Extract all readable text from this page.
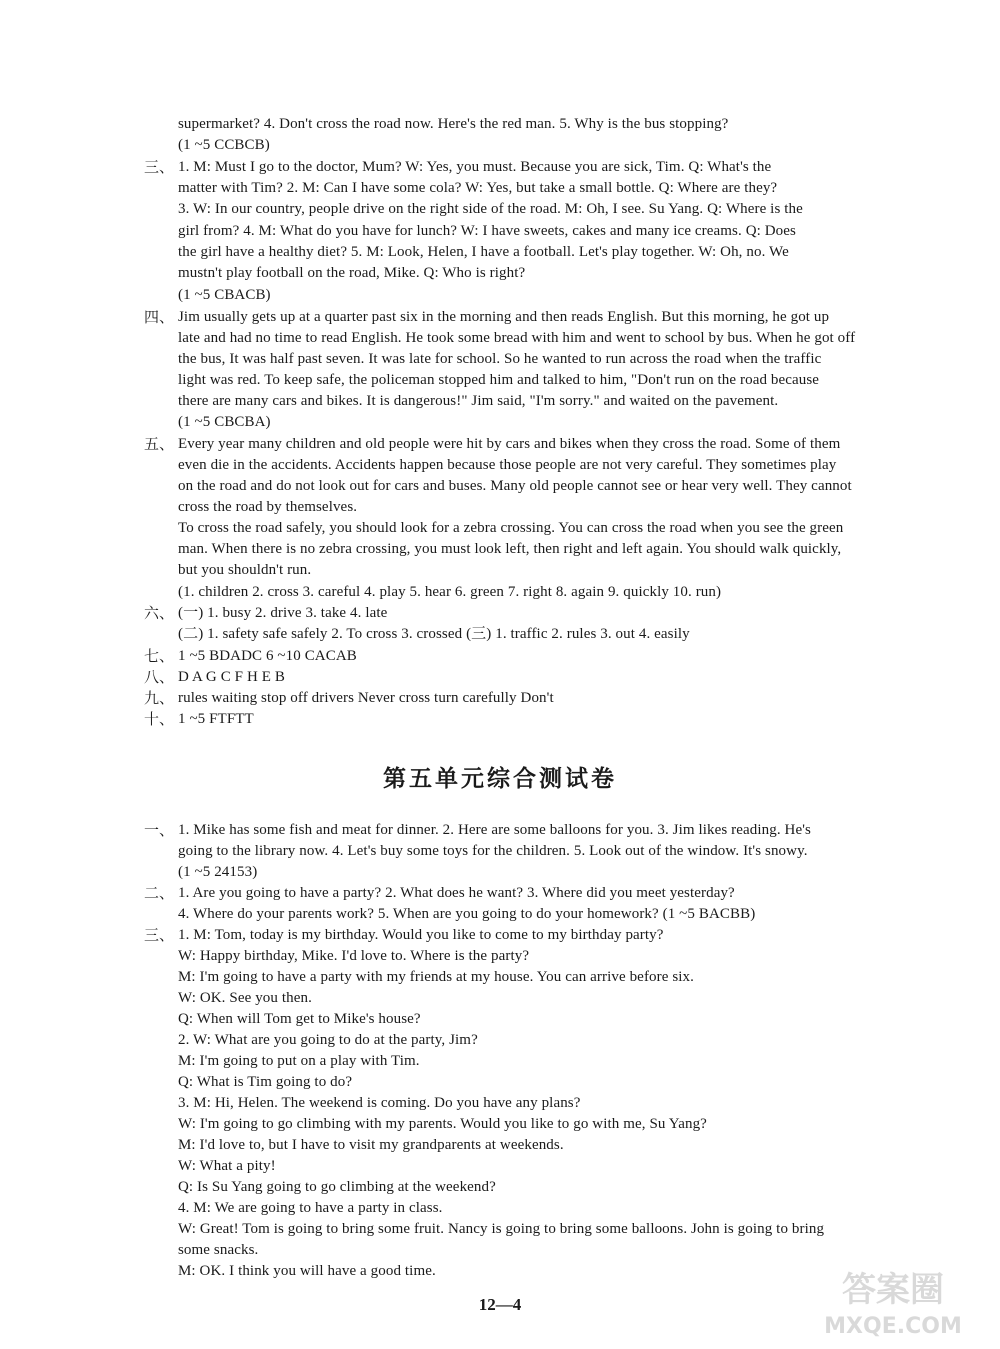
supermarket? 4. Don't cross the road now. Here's the red man. 5. Why is the bus stopping?
(1 ~5 CCBCB)
三、 1. M: Must I go to the doctor, Mum? W: Yes, you must. Because you are sick, Tim. Q: What's the
matter with Tim? 2. M: Can I have some cola? W: Yes, but take a small bottle. Q: Where are they?
3. W: In our country, people drive on the right side of the road. M: Oh, I see. Su Yang. Q: Where is the
girl from? 4. M: What do you have for lunch? W: I have sweets, cakes and many ice creams. Q: Does
the girl have a healthy diet? 5. M: Look, Helen, I have a football. Let's play together. W: Oh, no. We
mustn't play football on the road, Mike. Q: Who is right?
(1 ~5 CBACB)
四、 Jim usually gets up at a quarter past six in the morning and then reads English. But this morning, he got up
late and had no time to read English. He took some bread with him and went to school by bus. When he got off
the bus, It was half past seven. It was late for school. So he wanted to run across the road when the traffic
light was red. To keep safe, the policeman stopped him and talked to him, "Don't run on the road because
there are many cars and bikes. It is dangerous!" Jim said, "I'm sorry." and waited on the pavement.
(1 ~5 CBCBA)
五、 Every year many children and old people were hit by cars and bikes when they cross the road. Some of them
even die in the accidents. Accidents happen because those people are not very careful. They sometimes play
on the road and do not look out for cars and buses. Many old people cannot see or hear very well. They cannot
cross the road by themselves.
To cross the road safely, you should look for a zebra crossing. You can cross the road when you see the green
man. When there is no zebra crossing, you must look left, then right and left again. You should walk quickly,
but you shouldn't run.
(1. children 2. cross 3. careful 4. play 5. hear 6. green 7. right 8. again 9. quickly 10. run)
六、 (一) 1. busy 2. drive 3. take 4. late
(二) 1. safety safe safely 2. To cross 3. crossed (三) 1. traffic 2. rules 3. out 4. easily
七、 1 ~5 BDADC 6 ~10 CACAB
八、 D A G C F H E B
九、 rules waiting stop off drivers Never cross turn carefully Don't
十、 1 ~5 FTFTT
第五单元综合测试卷
一、 1. Mike has some fish and meat for dinner. 2. Here are some balloons for you. 3. Jim likes reading. He's
going to the library now. 4. Let's buy some toys for the children. 5. Look out of the window. It's snowy.
(1 ~5 24153)
二、 1. Are you going to have a party? 2. What does he want? 3. Where did you meet yesterday?
4. Where do your parents work? 5. When are you going to do your homework? (1 ~5 BACBB)
三、 1. M: Tom, today is my birthday. Would you like to come to my birthday party?
W: Happy birthday, Mike. I'd love to. Where is the party?
M: I'm going to have a party with my friends at my house. You can arrive before six.
W: OK. See you then.
Q: When will Tom get to Mike's house?
2. W: What are you going to do at the party, Jim?
M: I'm going to put on a play with Tim.
Q: What is Tim going to do?
3. M: Hi, Helen. The weekend is coming. Do you have any plans?
W: I'm going to go climbing with my parents. Would you like to go with me, Su Yang?
M: I'd love to, but I have to visit my grandparents at weekends.
W: What a pity!
Q: Is Su Yang going to go climbing at the weekend?
4. M: We are going to have a party in class.
W: Great! Tom is going to bring some fruit. Nancy is going to bring some balloons. John is going to bring
some snacks.
M: OK. I think you will have a good time.
12—4	答案圈
MXQE.COM
